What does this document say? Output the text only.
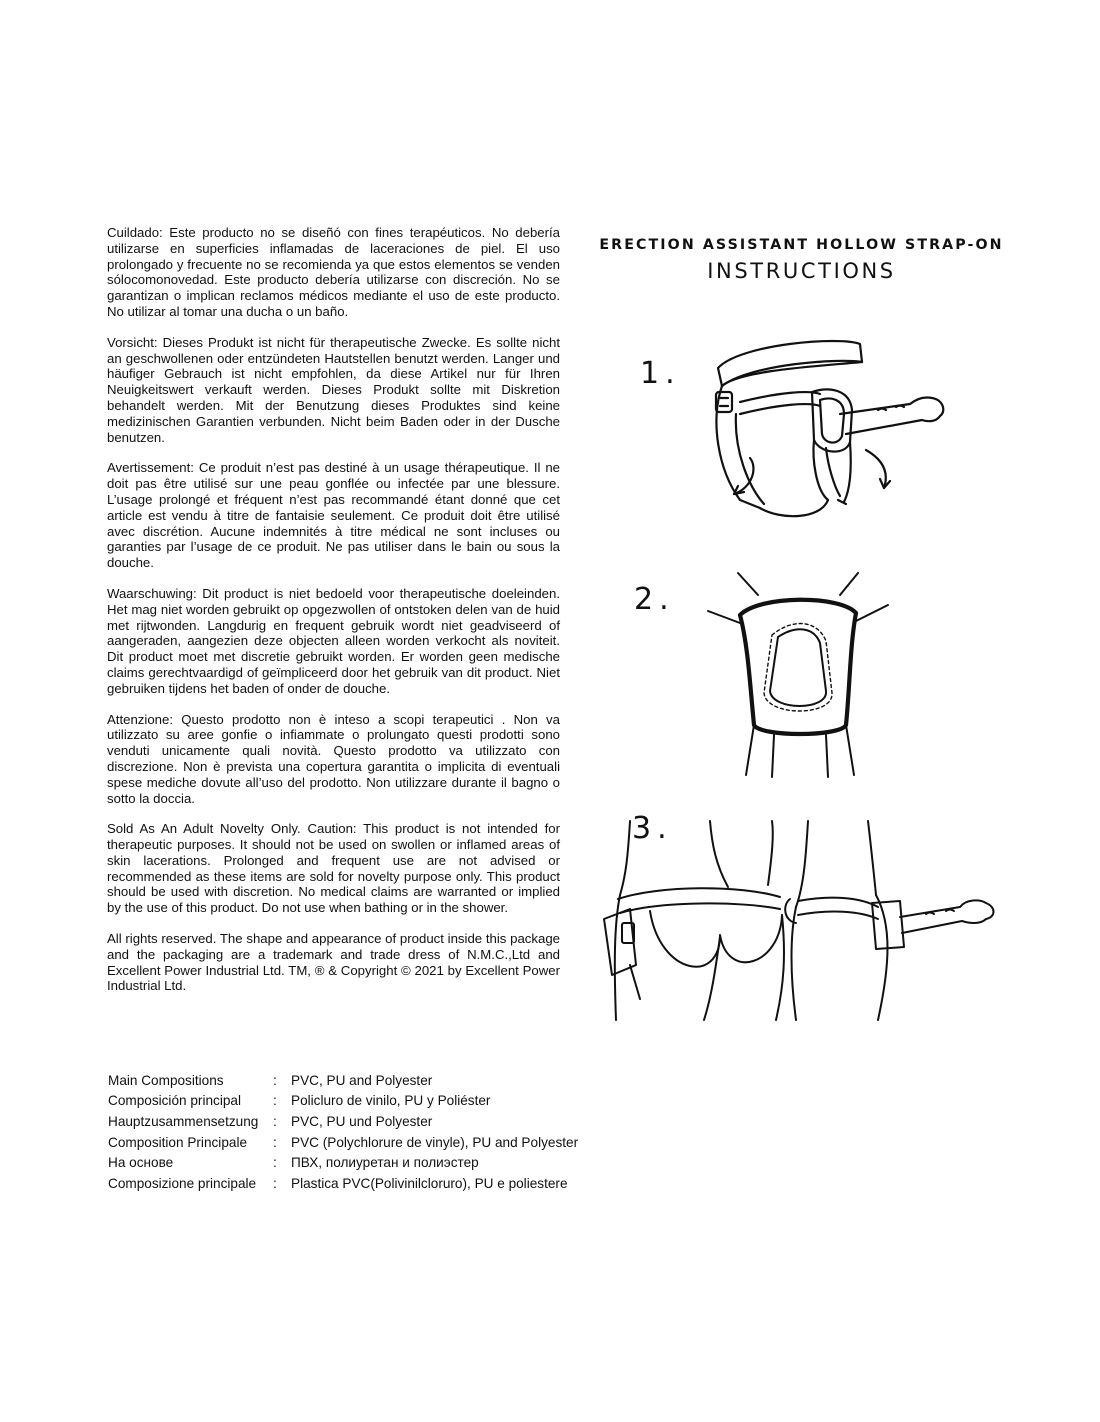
Cuildado: Este producto no se diseñó con fines terapéuticos. No debería utilizarse en superficies inflamadas de laceraciones de piel. El uso prolongado y frecuente no se recomienda ya que estos elementos se venden sólocomonovedad. Este producto debería utilizarse con discreción. No se garantizan o implican reclamos médicos mediante el uso de este producto. No utilizar al tomar una ducha o un baño.

Vorsicht: Dieses Produkt ist nicht für therapeutische Zwecke. Es sollte nicht an geschwollenen oder entzündeten Hautstellen benutzt werden. Langer und häufiger Gebrauch ist nicht empfohlen, da diese Artikel nur für Ihren Neuigkeitswert verkauft werden. Dieses Produkt sollte mit Diskretion behandelt werden. Mit der Benutzung dieses Produktes sind keine medizinischen Garantien verbunden. Nicht beim Baden oder in der Dusche benutzen.

Avertissement: Ce produit n’est pas destiné à un usage thérapeutique. Il ne doit pas être utilisé sur une peau gonflée ou infectée par une blessure. L’usage prolongé et fréquent n’est pas recommandé étant donné que cet article est vendu à titre de fantaisie seulement. Ce produit doit être utilisé avec discrétion. Aucune indemnités à titre médical ne sont incluses ou garanties par l’usage de ce produit. Ne pas utiliser dans le bain ou sous la douche.

Waarschuwing: Dit product is niet bedoeld voor therapeutische doeleinden. Het mag niet worden gebruikt op opgezwollen of ontstoken delen van de huid met rijtwonden. Langdurig en frequent gebruik wordt niet geadviseerd of aangeraden, aangezien deze objecten alleen worden verkocht als noviteit. Dit product moet met discretie gebruikt worden. Er worden geen medische claims gerechtvaardigd of geïmpliceerd door het gebruik van dit product. Niet gebruiken tijdens het baden of onder de douche.

Attenzione: Questo prodotto non è inteso a scopi terapeutici . Non va utilizzato su aree gonfie o infiammate o prolungato questi prodotti sono venduti unicamente quali novità. Questo prodotto va utilizzato con discrezione. Non è prevista una copertura garantita o implicita di eventuali spese mediche dovute all’uso del prodotto. Non utilizzare durante il bagno o sotto la doccia.

Sold As An Adult Novelty Only. Caution: This product is not intended for therapeutic purposes. It should not be used on swollen or inflamed areas of skin lacerations. Prolonged and frequent use are not advised or recommended as these items are sold for novelty purpose only. This product should be used with discretion. No medical claims are warranted or implied by the use of this product. Do not use when bathing or in the shower.

All rights reserved. The shape and appearance of product inside this package and the packaging are a trademark and trade dress of N.M.C.,Ltd and Excellent Power Industrial Ltd. TM, ® & Copyright © 2021 by Excellent Power Industrial Ltd.

Main Compositions	:	PVC, PU and Polyester
Composición principal	:	Policluro de vinilo, PU y Poliéster
Hauptzusammensetzung	:	PVC, PU und Polyester
Composition Principale	:	PVC (Polychlorure de vinyle), PU and Polyester
На основе	:	ПВХ, полиуретан и полиэстер
Composizione principale	:	Plastica PVC(Polivinilcloruro), PU e poliestere
ERECTION ASSISTANT HOLLOW STRAP-ON
INSTRUCTIONS
1.
2.
3.
